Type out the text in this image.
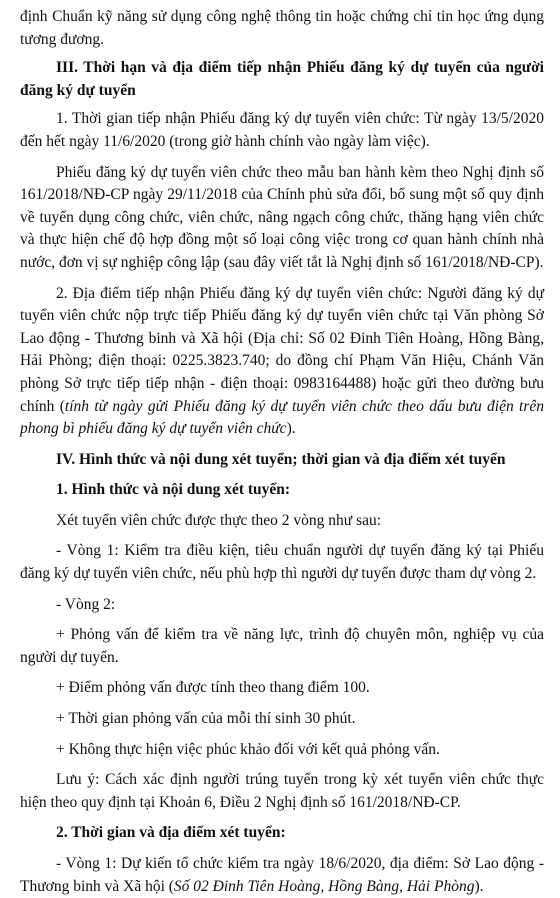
định Chuẩn kỹ năng sử dụng công nghệ thông tin hoặc chứng chỉ tin học ứng dụng tương đương.

III. Thời hạn và địa điểm tiếp nhận Phiếu đăng ký dự tuyển của người đăng ký dự tuyển

1. Thời gian tiếp nhận Phiếu đăng ký dự tuyển viên chức: Từ ngày 13/5/2020 đến hết ngày 11/6/2020 (trong giờ hành chính vào ngày làm việc).

Phiếu đăng ký dự tuyển viên chức theo mẫu ban hành kèm theo Nghị định số 161/2018/NĐ-CP ngày 29/11/2018 của Chính phủ sửa đổi, bổ sung một số quy định về tuyển dụng công chức, viên chức, nâng ngạch công chức, thăng hạng viên chức và thực hiện chế độ hợp đồng một số loại công việc trong cơ quan hành chính nhà nước, đơn vị sự nghiệp công lập (sau đây viết tắt là Nghị định số 161/2018/NĐ-CP).

2. Địa điểm tiếp nhận Phiếu đăng ký dự tuyển viên chức: Người đăng ký dự tuyển viên chức nộp trực tiếp Phiếu đăng ký dự tuyển viên chức tại Văn phòng Sở Lao động - Thương binh và Xã hội (Địa chỉ: Số 02 Đinh Tiên Hoàng, Hồng Bàng, Hải Phòng; điện thoại: 0225.3823.740; do đồng chí Phạm Văn Hiệu, Chánh Văn phòng Sở trực tiếp tiếp nhận - điện thoại: 0983164488) hoặc gửi theo đường bưu chính (tính từ ngày gửi Phiếu đăng ký dự tuyển viên chức theo dấu bưu điện trên phong bì phiếu đăng ký dự tuyển viên chức).

IV. Hình thức và nội dung xét tuyển; thời gian và địa điểm xét tuyển

1. Hình thức và nội dung xét tuyển:

Xét tuyển viên chức được thực theo 2 vòng như sau:

- Vòng 1: Kiểm tra điều kiện, tiêu chuẩn người dự tuyển đăng ký tại Phiếu đăng ký dự tuyển viên chức, nếu phù hợp thì người dự tuyển được tham dự vòng 2.

- Vòng 2:

+ Phỏng vấn để kiểm tra về năng lực, trình độ chuyên môn, nghiệp vụ của người dự tuyển.

+ Điểm phỏng vấn được tính theo thang điểm 100.

+ Thời gian phỏng vấn của mỗi thí sinh 30 phút.

+ Không thực hiện việc phúc khảo đối với kết quả phỏng vấn.

Lưu ý: Cách xác định người trúng tuyển trong kỳ xét tuyển viên chức thực hiện theo quy định tại Khoản 6, Điều 2 Nghị định số 161/2018/NĐ-CP.

2. Thời gian và địa điểm xét tuyển:

- Vòng 1: Dự kiến tổ chức kiểm tra ngày 18/6/2020, địa điểm: Sở Lao động - Thương binh và Xã hội (Số 02 Đinh Tiên Hoàng, Hồng Bàng, Hải Phòng).
